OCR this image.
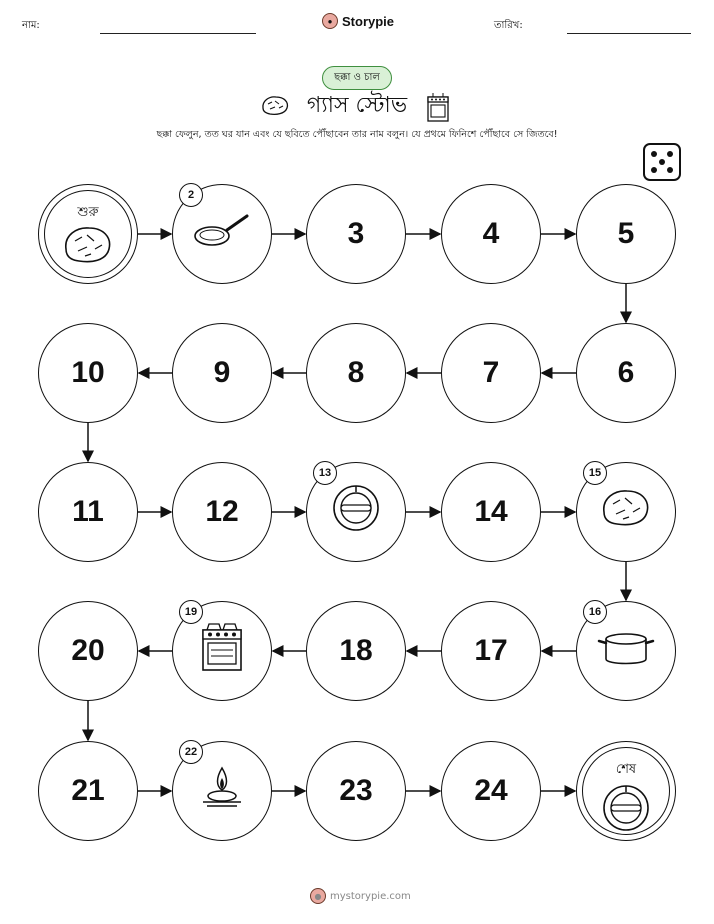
নাম:	● Storypie	তারিখ:
ছক্কা ও চাল
গ্যাস স্টোভ
ছক্কা ফেলুন, তত ঘর যান এবং যে ছবিতে পৌঁছাবেন তার নাম বলুন। যে প্রথমে ফিনিশে পৌঁছাবে সে জিতবে!
শুরু
2
3	4	5
6
7
8
9
10
11	12
13
14
15
16
17
18
19
20
21
22
23	24
শেষ
● mystorypie.com
